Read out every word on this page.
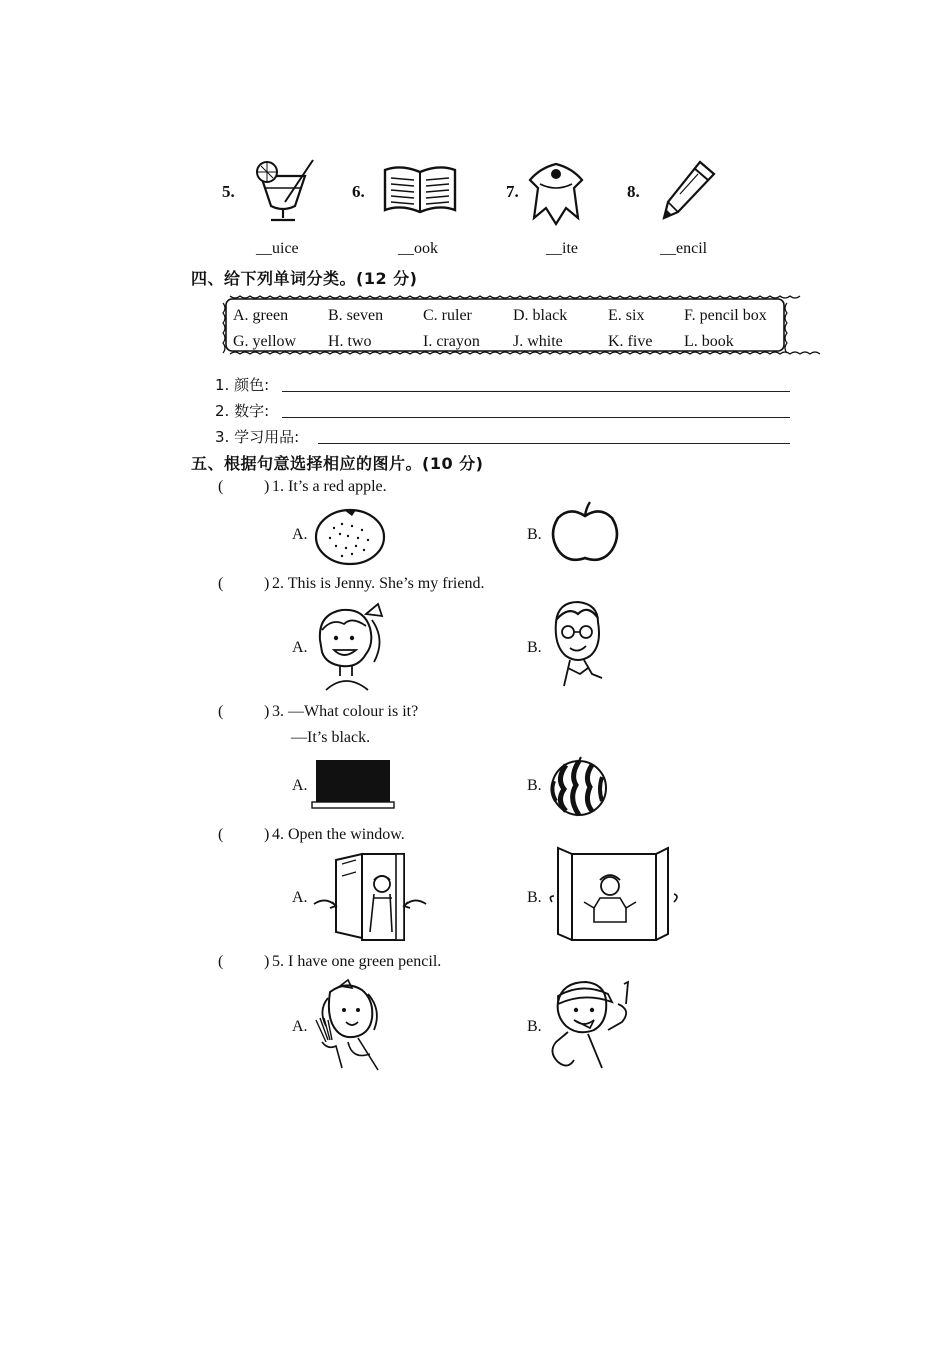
5.
__uice
6.
__ook
7.
__ite
8.
__encil
四、给下列单词分类。(12 分)
A. green B. seven C. ruler	D. black	E. six F. pencil box
G. yellow H. two	I. crayon J. white	K. five L. book
1. 颜色:
2. 数字:
3. 学习用品:
五、根据句意选择相应的图片。(10 分)
(	) 1. It’s a red apple.
A.	B.
(	) 2. This is Jenny. She’s my friend.
A.	B.
(	) 3. —What colour is it?
—It’s black.
A.	B.
(	) 4. Open the window.
A.	B.
(	) 5. I have one green pencil.
A.	B.
